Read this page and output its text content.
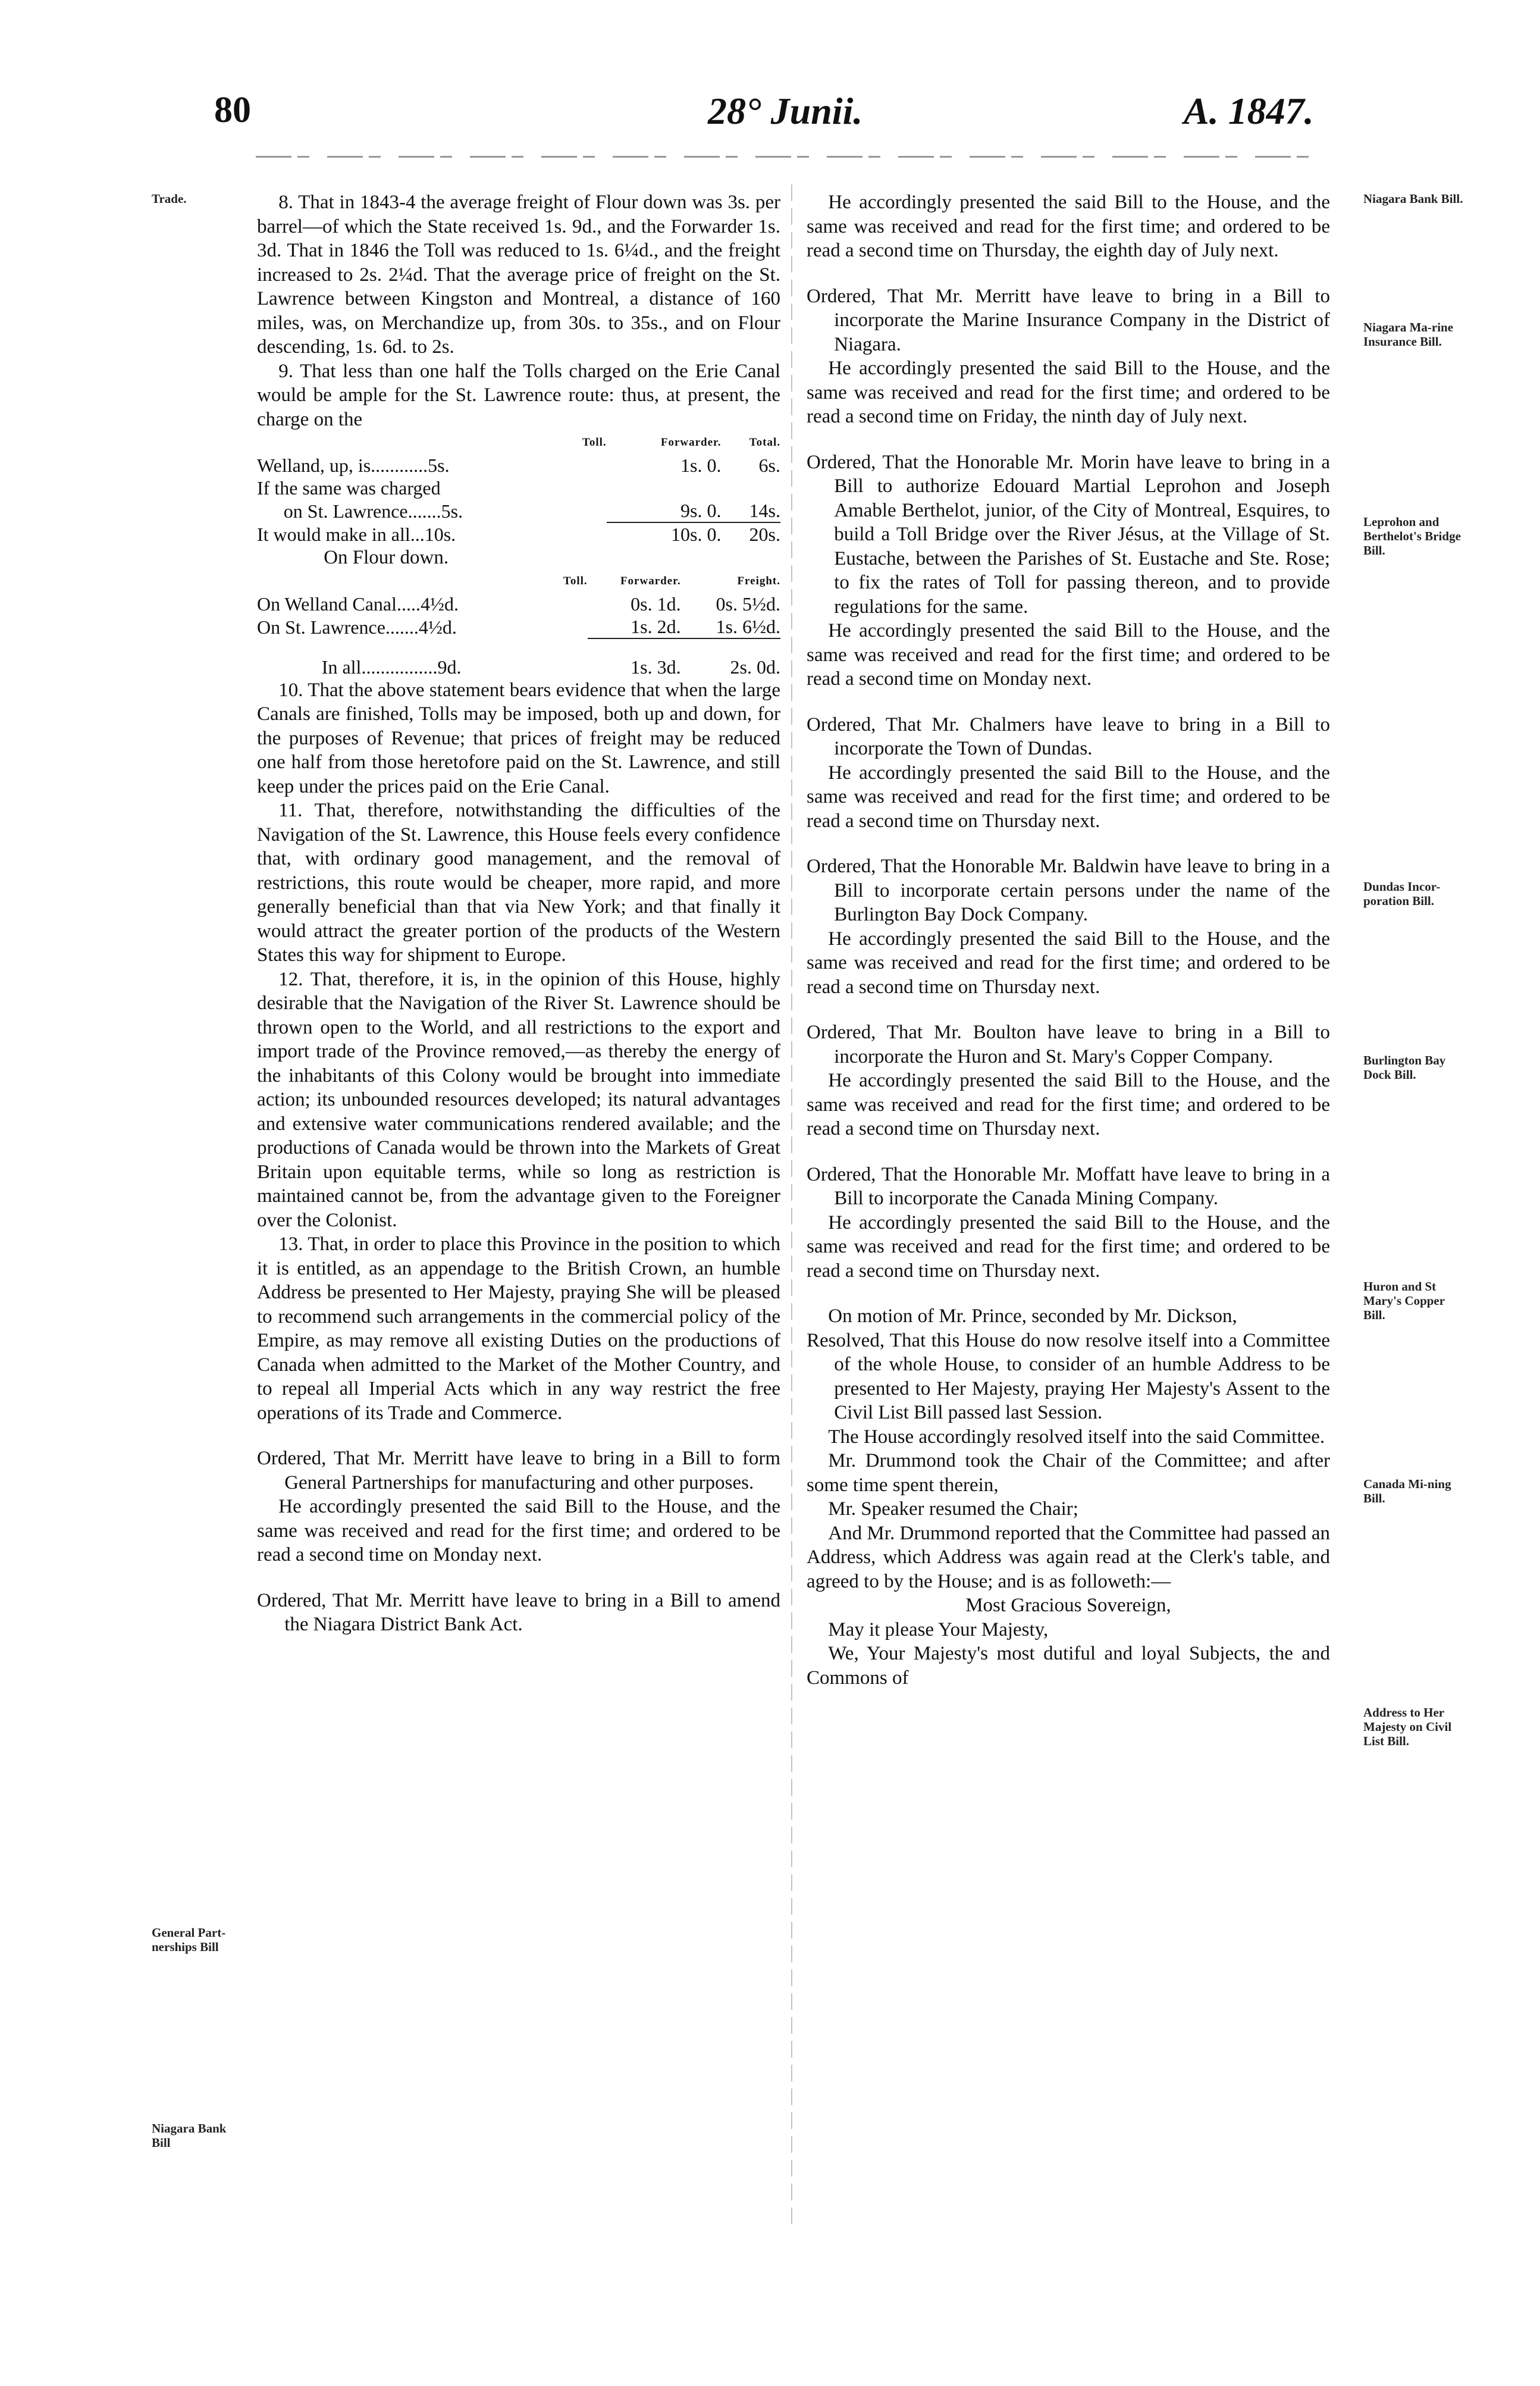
80	28° Junii.	A. 1847.
Trade.
General Part-nerships Bill
Niagara Bank Bill
Niagara Bank Bill.
Niagara Ma-rine Insurance Bill.
Leprohon and Berthelot's Bridge Bill.
Dundas Incor-poration Bill.
Burlington Bay Dock Bill.
Huron and St Mary's Copper Bill.
Canada Mi-ning Bill.
Address to Her Majesty on Civil List Bill.

8. That in 1843-4 the average freight of Flour down was 3s. per barrel—of which the State received 1s. 9d., and the Forwarder 1s. 3d. That in 1846 the Toll was reduced to 1s. 6¼d., and the freight increased to 2s. 2¼d. That the average price of freight on the St. Lawrence between Kingston and Montreal, a distance of 160 miles, was, on Merchandize up, from 30s. to 35s., and on Flour descending, 1s. 6d. to 2s.

9. That less than one half the Tolls charged on the Erie Canal would be ample for the St. Lawrence route: thus, at present, the charge on the

	Toll.	Forwarder.	Total.
Welland, up, is............5s.		1s. 0.	6s.
If the same was charged			
on St. Lawrence.......5s.		9s. 0.	14s.
It would make in all...10s.		10s. 0.	20s.

On Flour down.

	Toll.	Forwarder.	Freight.
On Welland Canal.....4½d.		0s. 1d.	0s. 5½d.
On St. Lawrence.......4½d.		1s. 2d.	1s. 6½d.

In all................9d.		1s. 3d.	2s. 0d.

10. That the above statement bears evidence that when the large Canals are finished, Tolls may be imposed, both up and down, for the purposes of Revenue; that prices of freight may be reduced one half from those heretofore paid on the St. Lawrence, and still keep under the prices paid on the Erie Canal.

11. That, therefore, notwithstanding the difficulties of the Navigation of the St. Lawrence, this House feels every confidence that, with ordinary good management, and the removal of restrictions, this route would be cheaper, more rapid, and more generally beneficial than that via New York; and that finally it would attract the greater portion of the products of the Western States this way for shipment to Europe.

12. That, therefore, it is, in the opinion of this House, highly desirable that the Navigation of the River St. Lawrence should be thrown open to the World, and all restrictions to the export and import trade of the Province removed,—as thereby the energy of the inhabitants of this Colony would be brought into immediate action; its unbounded resources developed; its natural advantages and extensive water communications rendered available; and the productions of Canada would be thrown into the Markets of Great Britain upon equitable terms, while so long as restriction is maintained cannot be, from the advantage given to the Foreigner over the Colonist.

13. That, in order to place this Province in the position to which it is entitled, as an appendage to the British Crown, an humble Address be presented to Her Majesty, praying She will be pleased to recommend such arrangements in the commercial policy of the Empire, as may remove all existing Duties on the productions of Canada when admitted to the Market of the Mother Country, and to repeal all Imperial Acts which in any way restrict the free operations of its Trade and Commerce.

Ordered, That Mr. Merritt have leave to bring in a Bill to form General Partnerships for manufacturing and other purposes.

He accordingly presented the said Bill to the House, and the same was received and read for the first time; and ordered to be read a second time on Monday next.

Ordered, That Mr. Merritt have leave to bring in a Bill to amend the Niagara District Bank Act.

He accordingly presented the said Bill to the House, and the same was received and read for the first time; and ordered to be read a second time on Thursday, the eighth day of July next.

Ordered, That Mr. Merritt have leave to bring in a Bill to incorporate the Marine Insurance Company in the District of Niagara.

He accordingly presented the said Bill to the House, and the same was received and read for the first time; and ordered to be read a second time on Friday, the ninth day of July next.

Ordered, That the Honorable Mr. Morin have leave to bring in a Bill to authorize Edouard Martial Leprohon and Joseph Amable Berthelot, junior, of the City of Montreal, Esquires, to build a Toll Bridge over the River Jésus, at the Village of St. Eustache, between the Parishes of St. Eustache and Ste. Rose; to fix the rates of Toll for passing thereon, and to provide regulations for the same.

He accordingly presented the said Bill to the House, and the same was received and read for the first time; and ordered to be read a second time on Monday next.

Ordered, That Mr. Chalmers have leave to bring in a Bill to incorporate the Town of Dundas.

He accordingly presented the said Bill to the House, and the same was received and read for the first time; and ordered to be read a second time on Thursday next.

Ordered, That the Honorable Mr. Baldwin have leave to bring in a Bill to incorporate certain persons under the name of the Burlington Bay Dock Company.

He accordingly presented the said Bill to the House, and the same was received and read for the first time; and ordered to be read a second time on Thursday next.

Ordered, That Mr. Boulton have leave to bring in a Bill to incorporate the Huron and St. Mary's Copper Company.

He accordingly presented the said Bill to the House, and the same was received and read for the first time; and ordered to be read a second time on Thursday next.

Ordered, That the Honorable Mr. Moffatt have leave to bring in a Bill to incorporate the Canada Mining Company.

He accordingly presented the said Bill to the House, and the same was received and read for the first time; and ordered to be read a second time on Thursday next.

On motion of Mr. Prince, seconded by Mr. Dickson,

Resolved, That this House do now resolve itself into a Committee of the whole House, to consider of an humble Address to be presented to Her Majesty, praying Her Majesty's Assent to the Civil List Bill passed last Session.

The House accordingly resolved itself into the said Committee.

Mr. Drummond took the Chair of the Committee; and after some time spent therein,

Mr. Speaker resumed the Chair;

And Mr. Drummond reported that the Committee had passed an Address, which Address was again read at the Clerk's table, and agreed to by the House; and is as followeth:—

Most Gracious Sovereign,

May it please Your Majesty,

We, Your Majesty's most dutiful and loyal Subjects, the and Commons of
